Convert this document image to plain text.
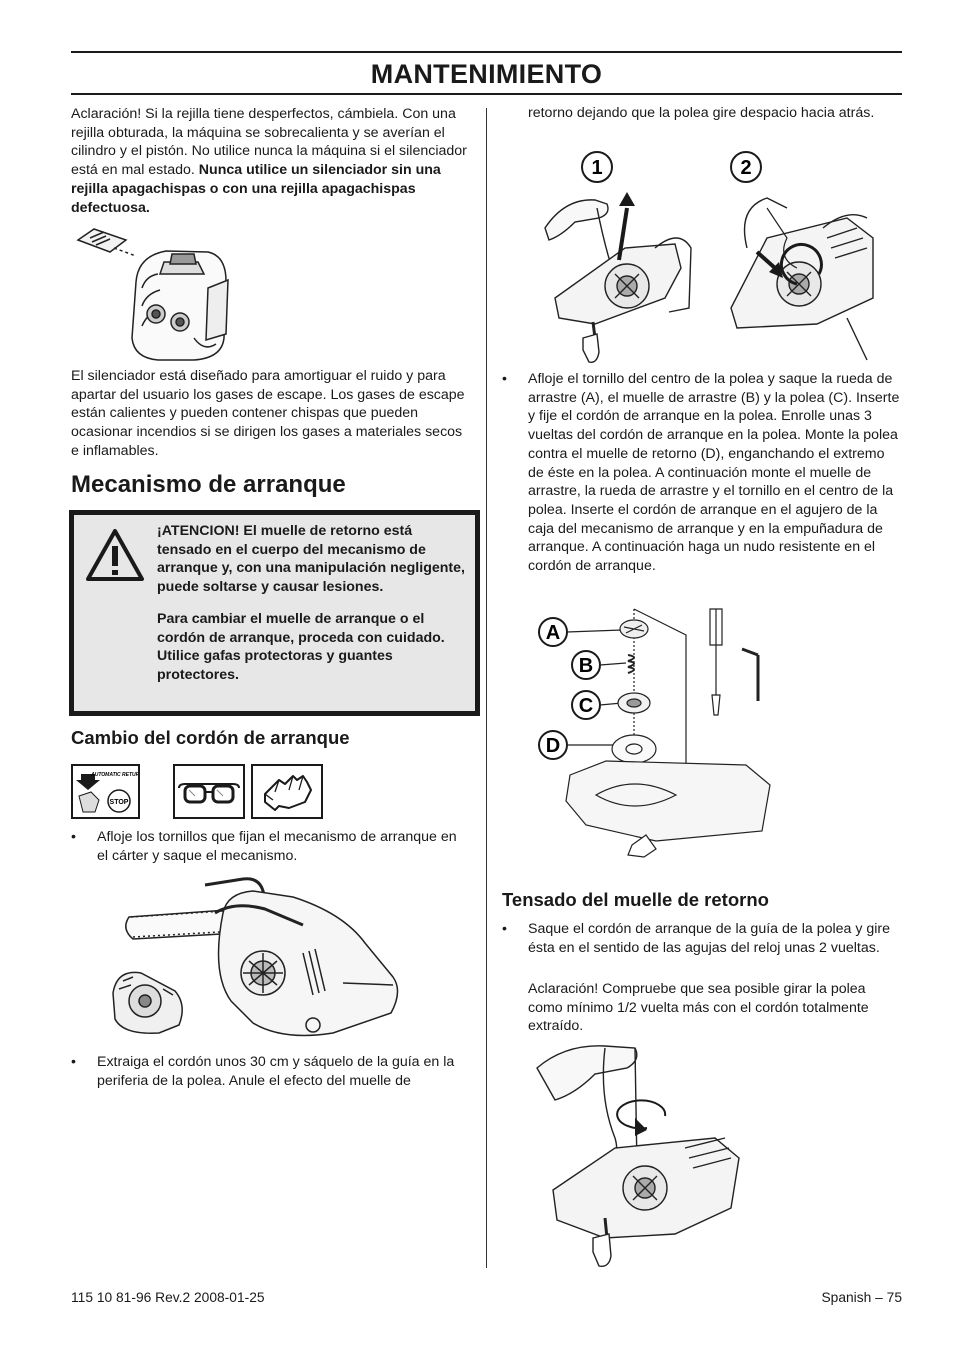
MANTENIMIENTO

Aclaración! Si la rejilla tiene desperfectos, cámbiela. Con una rejilla obturada, la máquina se sobrecalienta y se averían el cilindro y el pistón. No utilice nunca la máquina si el silenciador está en mal estado. Nunca utilice un silenciador sin una rejilla apagachispas o con una rejilla apagachispas defectuosa.

El silenciador está diseñado para amortiguar el ruido y para apartar del usuario los gases de escape. Los gases de escape están calientes y pueden contener chispas que pueden ocasionar incendios si se dirigen los gases a materiales secos e inflamables.

Mecanismo de arranque

¡ATENCION! El muelle de retorno está tensado en el cuerpo del mecanismo de arranque y, con una manipulación negligente, puede soltarse y causar lesiones.

Para cambiar el muelle de arranque o el cordón de arranque, proceda con cuidado. Utilice gafas protectoras y guantes protectores.

Cambio del cordón de arranque
AUTOMATIC RETURN
STOP
• Afloje los tornillos que fijan el mecanismo de arranque en el cárter y saque el mecanismo.
• Extraiga el cordón unos 30 cm y sáquelo de la guía en la periferia de la polea. Anule el efecto del muelle de

retorno dejando que la polea gire despacio hacia atrás.

1	2
• Afloje el tornillo del centro de la polea y saque la rueda de arrastre (A), el muelle de arrastre (B) y la polea (C). Inserte y fije el cordón de arranque en la polea. Enrolle unas 3 vueltas del cordón de arranque en la polea. Monte la polea contra el muelle de retorno (D), enganchando el extremo de éste en la polea. A continuación monte el muelle de arrastre, la rueda de arrastre y el tornillo en el centro de la polea. Inserte el cordón de arranque en el agujero de la caja del mecanismo de arranque y en la empuñadura de arranque. A continuación haga un nudo resistente en el cordón de arranque.
A
B
C
D
Tensado del muelle de retorno
• Saque el cordón de arranque de la guía de la polea y gire ésta en el sentido de las agujas del reloj unas 2 vueltas.

Aclaración! Compruebe que sea posible girar la polea como mínimo 1/2 vuelta más con el cordón totalmente extraído.

115 10 81-96 Rev.2 2008-01-25	Spanish – 75
